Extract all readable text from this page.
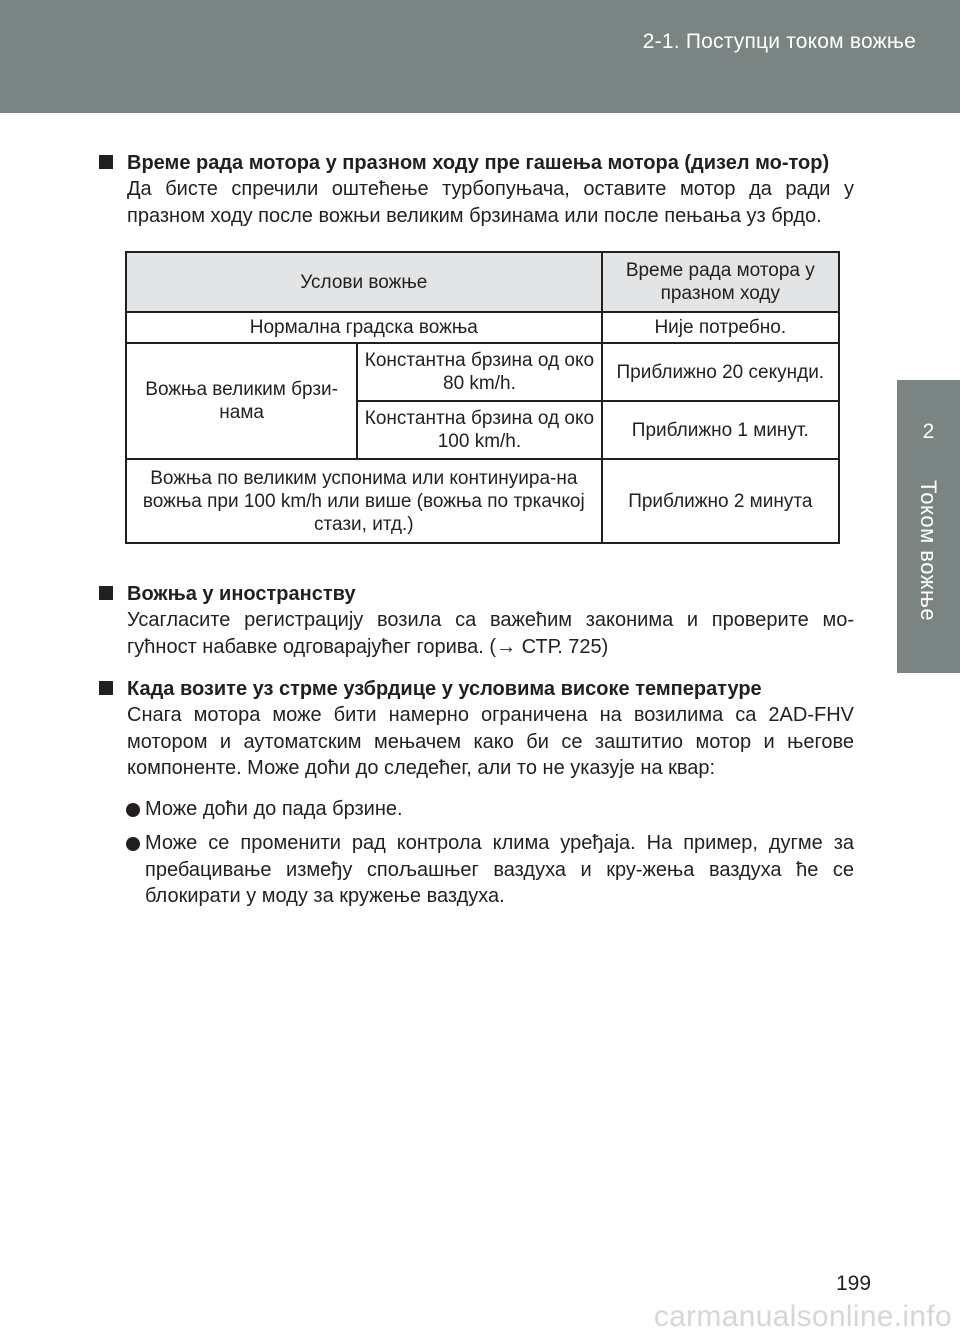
2-1. Поступци током вожње
2
Током вожње
Време рада мотора у празном ходу пре гашења мотора (дизел мо-тор)
Да бисте спречили оштећење турбопуњача, оставите мотор да ради у празном ходу после вожњи великим брзинама или после пењања уз брдо.
Услови вожње		Време рада мотора у празном ходу
Нормална градска вожња		Није потребно.
Вожња великим брзи-нама	Константна брзина од око 80 km/h.	Приближно 20 секунди.
	Константна брзина од око 100 km/h.	Приближно 1 минут.
Вожња по великим успонима или континуира-на вожња при 100 km/h или више (вожња по тркачкој стази, итд.)		Приближно 2 минута
Вожња у иностранству
Усагласите регистрацију возила са важећим законима и проверите мо-гућност набавке одговарајућег горива. (→ СТР. 725)
Када возите уз стрме узбрдице у условима високе температуре
Снага мотора може бити намерно ограничена на возилима са 2AD-FHV мотором и аутоматским мењачем како би се заштитио мотор и његове компоненте. Може доћи до следећег, али то не указује на квар:
Може доћи до пада брзине.
Може се променити рад контрола клима уређаја. На пример, дугме за пребацивање између спољашњег ваздуха и кру-жења ваздуха ће се блокирати у моду за кружење ваздуха.
199
carmanualsonline.info
